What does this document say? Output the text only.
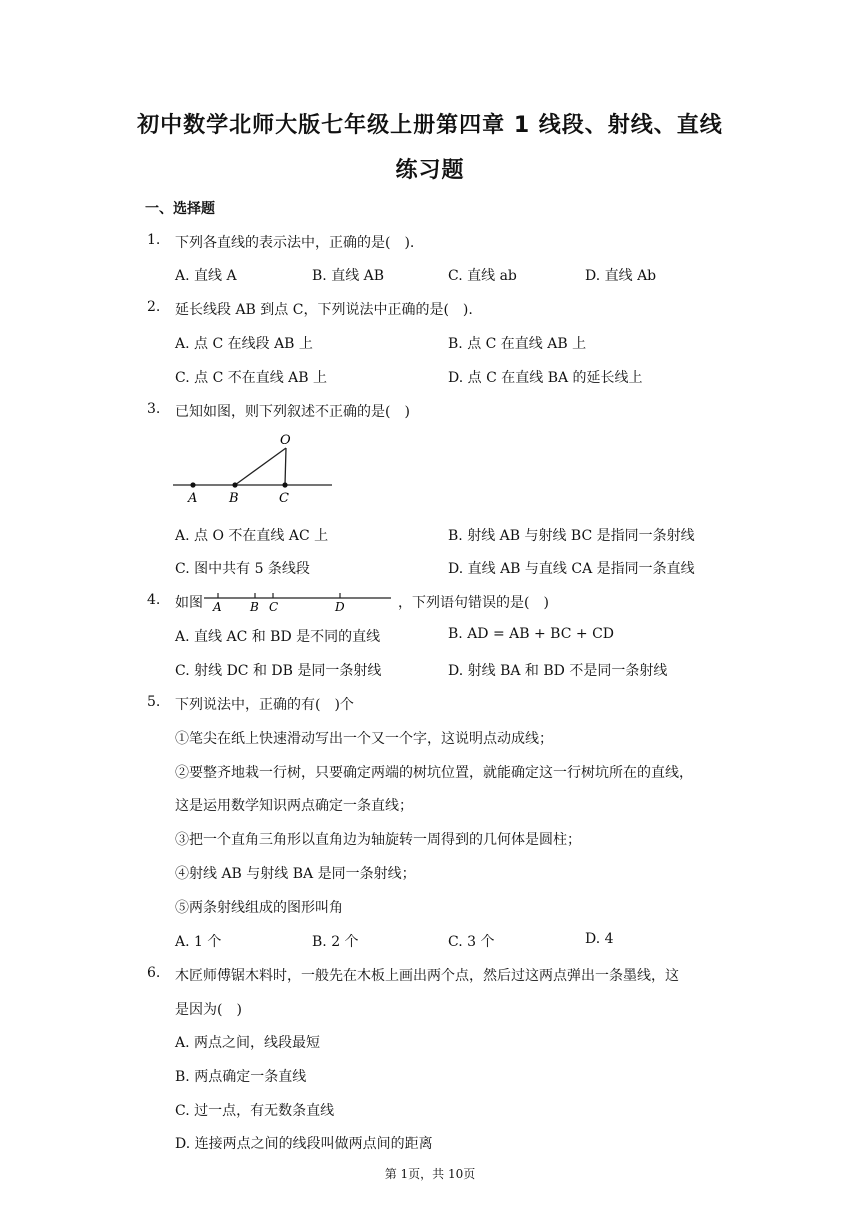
初中数学北师大版七年级上册第四章 1 线段、射线、直线
练习题
一、选择题
1.	下列各直线的表示法中，正确的是(　).
A. 直线 A	B. 直线 AB	C. 直线 ab	D. 直线 Ab
2.	延长线段 AB 到点 C，下列说法中正确的是(　).
A. 点 C 在线段 AB 上	B. 点 C 在直线 AB 上
C. 点 C 不在直线 AB 上	D. 点 C 在直线 BA 的延长线上
3.	已知如图，则下列叙述不正确的是(　)
O
A B	C
A. 点 O 不在直线 AC 上	B. 射线 AB 与射线 BC 是指同一条射线
C. 图中共有 5 条线段	D. 直线 AB 与直线 CA 是指同一条直线
4.	如图 A B C	D	，下列语句错误的是(　)
A. 直线 AC 和 BD 是不同的直线	B. AD = AB + BC + CD
C. 射线 DC 和 DB 是同一条射线	D. 射线 BA 和 BD 不是同一条射线
5.	下列说法中，正确的有(　)个
①笔尖在纸上快速滑动写出一个又一个字，这说明点动成线；
②要整齐地栽一行树，只要确定两端的树坑位置，就能确定这一行树坑所在的直线，
这是运用数学知识两点确定一条直线；
③把一个直角三角形以直角边为轴旋转一周得到的几何体是圆柱；
④射线 AB 与射线 BA 是同一条射线；
⑤两条射线组成的图形叫角
A. 1 个	B. 2 个	C. 3 个	D. 4
6.	木匠师傅锯木料时，一般先在木板上画出两个点，然后过这两点弹出一条墨线，这
是因为(　)
A. 两点之间，线段最短
B. 两点确定一条直线
C. 过一点，有无数条直线
D. 连接两点之间的线段叫做两点间的距离
第 1页，共 10页
